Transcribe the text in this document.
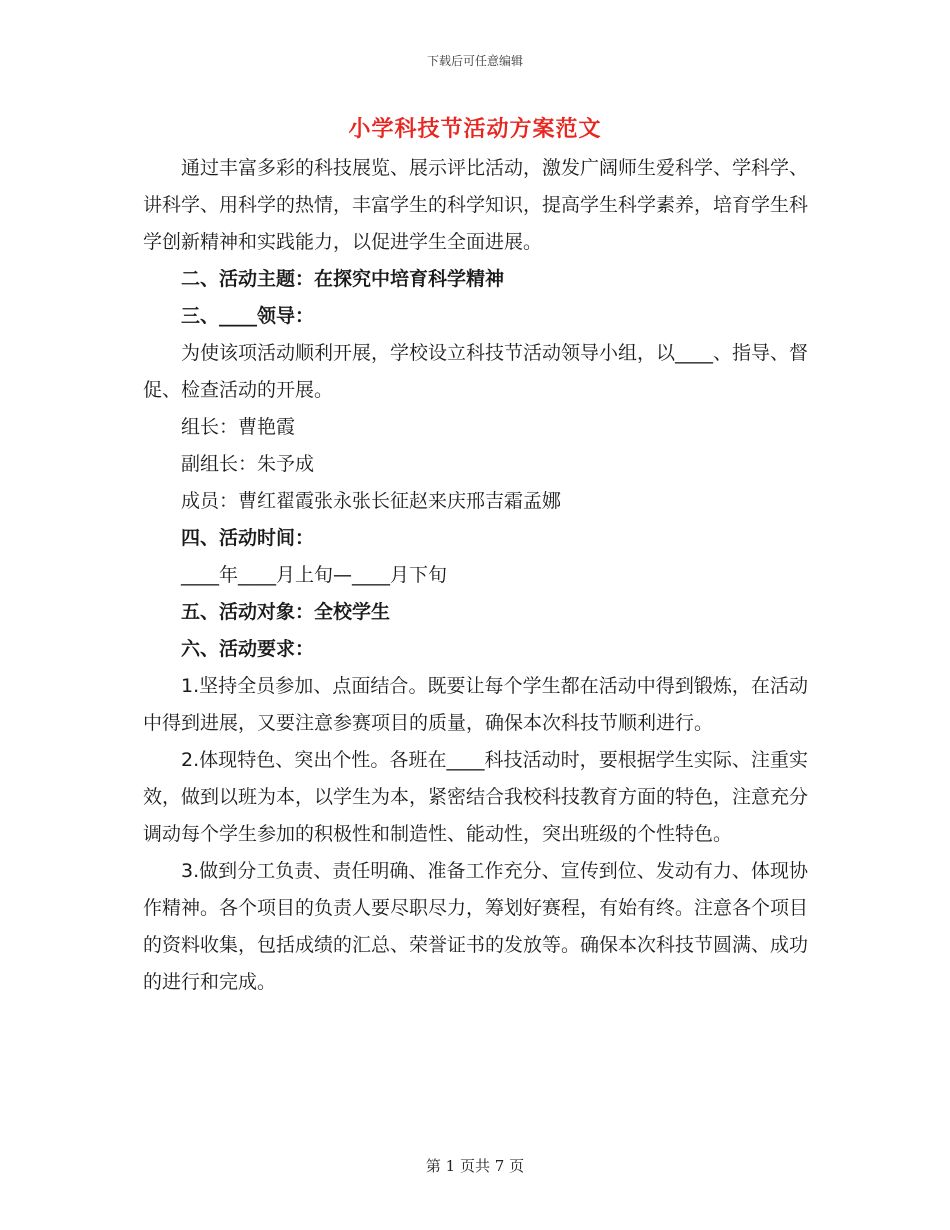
下载后可任意编辑
小学科技节活动方案范文

通过丰富多彩的科技展览、展示评比活动，激发广阔师生爱科学、学科学、讲科学、用科学的热情，丰富学生的科学知识，提高学生科学素养，培育学生科学创新精神和实践能力，以促进学生全面进展。

二、活动主题：在探究中培育科学精神

三、____领导：

为使该项活动顺利开展，学校设立科技节活动领导小组，以____、指导、督促、检查活动的开展。

组长：曹艳霞

副组长：朱予成

成员：曹红翟霞张永张长征赵来庆邢吉霜孟娜

四、活动时间：

____年____月上旬—____月下旬

五、活动对象：全校学生

六、活动要求：

1.坚持全员参加、点面结合。既要让每个学生都在活动中得到锻炼，在活动中得到进展，又要注意参赛项目的质量，确保本次科技节顺利进行。

2.体现特色、突出个性。各班在____科技活动时，要根据学生实际、注重实效，做到以班为本，以学生为本，紧密结合我校科技教育方面的特色，注意充分调动每个学生参加的积极性和制造性、能动性，突出班级的个性特色。

3.做到分工负责、责任明确、准备工作充分、宣传到位、发动有力、体现协作精神。各个项目的负责人要尽职尽力，筹划好赛程，有始有终。注意各个项目的资料收集，包括成绩的汇总、荣誉证书的发放等。确保本次科技节圆满、成功的进行和完成。

第 1 页共 7 页
